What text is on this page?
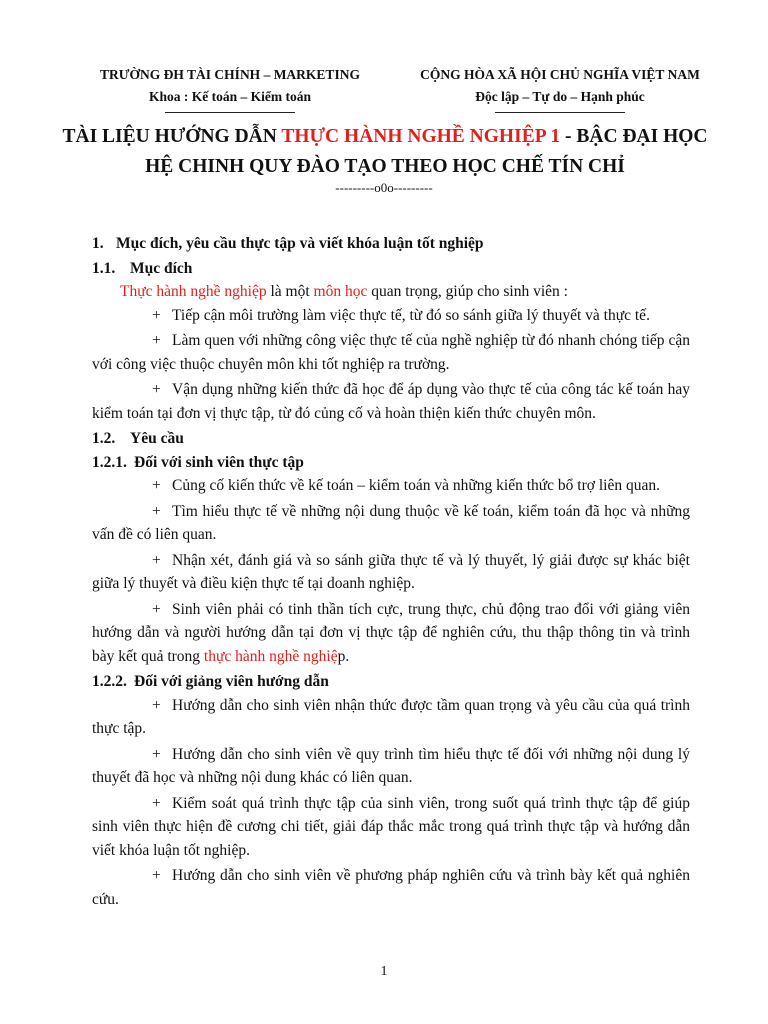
TRƯỜNG ĐH TÀI CHÍNH – MARKETING
Khoa : Kế toán – Kiểm toán
CỘNG HÒA XÃ HỘI CHỦ NGHĨA VIỆT NAM
Độc lập – Tự do – Hạnh phúc
TÀI LIỆU HƯỚNG DẪN THỰC HÀNH NGHỀ NGHIỆP 1 - BẬC ĐẠI HỌC HỆ CHINH QUY ĐÀO TẠO THEO HỌC CHẾ TÍN CHỈ
---------o0o---------

1. Mục đích, yêu cầu thực tập và viết khóa luận tốt nghiệp

1.1. Mục đích

Thực hành nghề nghiệp là một môn học quan trọng, giúp cho sinh viên :

+ Tiếp cận môi trường làm việc thực tế, từ đó so sánh giữa lý thuyết và thực tế.

+ Làm quen với những công việc thực tế của nghề nghiệp từ đó nhanh chóng tiếp cận với công việc thuộc chuyên môn khi tốt nghiệp ra trường.

+ Vận dụng những kiến thức đã học để áp dụng vào thực tế của công tác kế toán hay kiểm toán tại đơn vị thực tập, từ đó củng cố và hoàn thiện kiến thức chuyên môn.

1.2. Yêu cầu

1.2.1. Đối với sinh viên thực tập

+ Củng cố kiến thức về kế toán – kiểm toán và những kiến thức bổ trợ liên quan.

+ Tìm hiểu thực tế về những nội dung thuộc về kế toán, kiểm toán đã học và những vấn đề có liên quan.

+ Nhận xét, đánh giá và so sánh giữa thực tế và lý thuyết, lý giải được sự khác biệt giữa lý thuyết và điều kiện thực tế tại doanh nghiệp.

+ Sinh viên phải có tinh thần tích cực, trung thực, chủ động trao đổi với giảng viên hướng dẫn và người hướng dẫn tại đơn vị thực tập để nghiên cứu, thu thập thông tin và trình bày kết quả trong thực hành nghề nghiệp.

1.2.2. Đối với giảng viên hướng dẫn

+ Hướng dẫn cho sinh viên nhận thức được tầm quan trọng và yêu cầu của quá trình thực tập.

+ Hướng dẫn cho sinh viên về quy trình tìm hiểu thực tế đối với những nội dung lý thuyết đã học và những nội dung khác có liên quan.

+ Kiểm soát quá trình thực tập của sinh viên, trong suốt quá trình thực tập để giúp sinh viên thực hiện đề cương chi tiết, giải đáp thắc mắc trong quá trình thực tập và hướng dẫn viết khóa luận tốt nghiệp.

+ Hướng dẫn cho sinh viên về phương pháp nghiên cứu và trình bày kết quả nghiên cứu.

1
